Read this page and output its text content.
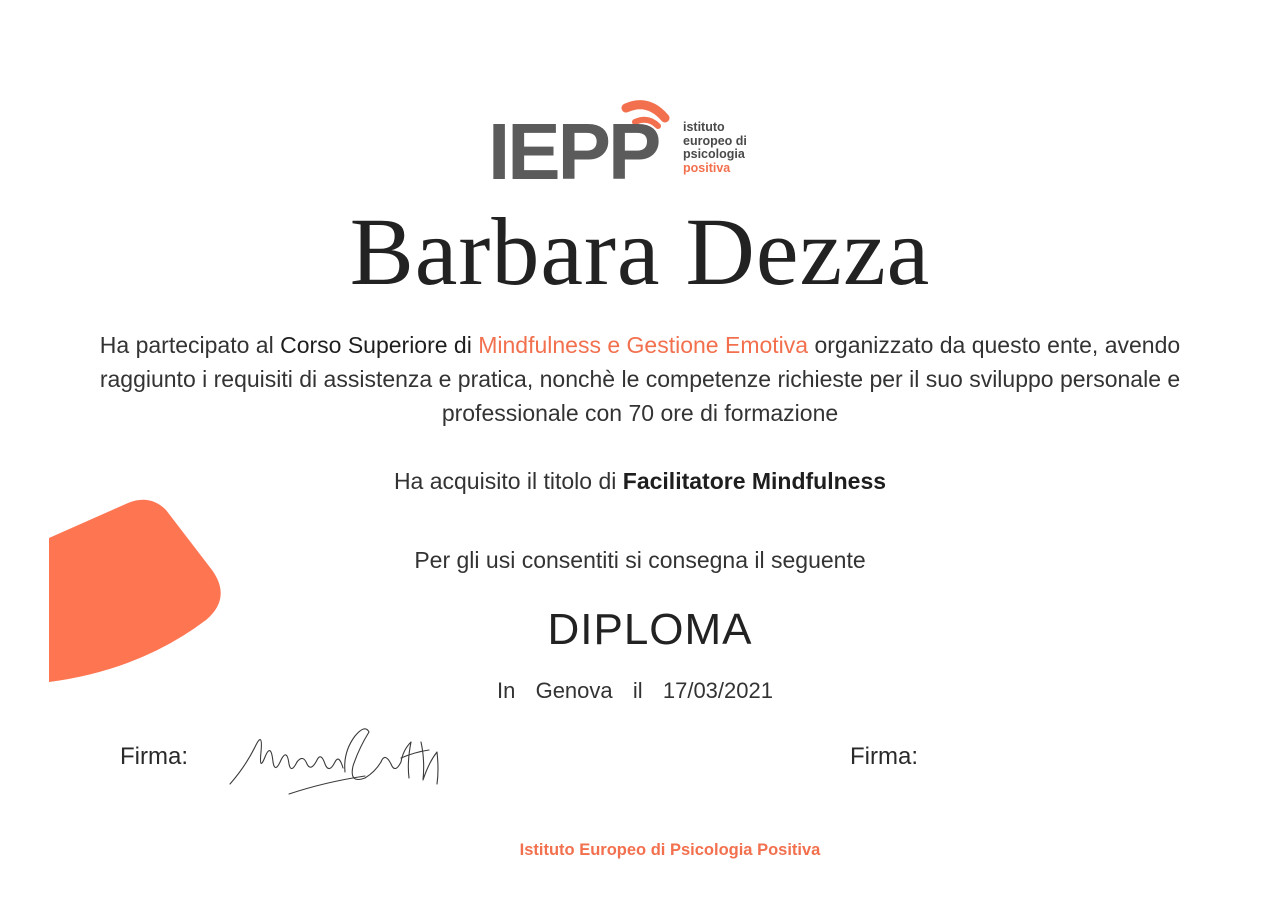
IEPP istituto
europeo di
psicologia
positiva
Barbara Dezza
Ha partecipato al Corso Superiore di Mindfulness e Gestione Emotiva organizzato da questo ente, avendo raggiunto i requisiti di assistenza e pratica, nonchè le competenze richieste per il suo sviluppo personale e professionale con 70 ore di formazione
Ha acquisito il titolo di Facilitatore Mindfulness
Per gli usi consentiti si consegna il seguente
DIPLOMA
In  Genova  il  17/03/2021
Firma:	Firma:
Istituto Europeo di Psicologia Positiva
